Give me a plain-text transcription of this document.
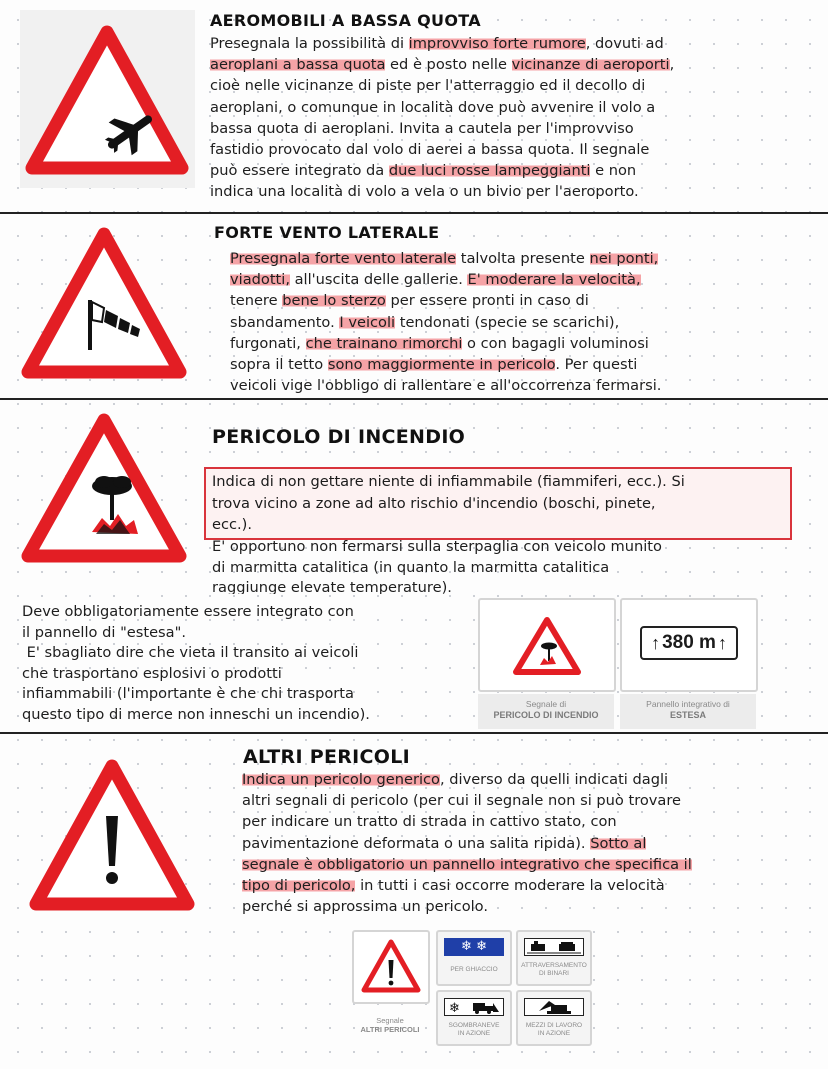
AEROMOBILI A BASSA QUOTA
Presegnala la possibilità di improvviso forte rumore, dovuti ad
aeroplani a bassa quota ed è posto nelle vicinanze di aeroporti,
cioè nelle vicinanze di piste per l'atterraggio ed il decollo di
aeroplani, o comunque in località dove può avvenire il volo a
bassa quota di aeroplani. Invita a cautela per l'improvviso
fastidio provocato dal volo di aerei a bassa quota. Il segnale
può essere integrato da due luci rosse lampeggianti e non
indica una località di volo a vela o un bivio per l'aeroporto.
FORTE VENTO LATERALE
Presegnala forte vento laterale talvolta presente nei ponti,
viadotti, all'uscita delle gallerie. E' moderare la velocità,
tenere bene lo sterzo per essere pronti in caso di
sbandamento. I veicoli tendonati (specie se scarichi),
furgonati, che trainano rimorchi o con bagagli voluminosi
sopra il tetto sono maggiormente in pericolo. Per questi
veicoli vige l'obbligo di rallentare e all'occorrenza fermarsi.
PERICOLO DI INCENDIO
Indica di non gettare niente di infiammabile (fiammiferi, ecc.). Si
trova vicino a zone ad alto rischio d'incendio (boschi, pinete,
ecc.).
E' opportuno non fermarsi sulla sterpaglia con veicolo munito
di marmitta catalitica (in quanto la marmitta catalitica
raggiunge elevate temperature).
Deve obbligatoriamente essere integrato con
il pannello di "estesa".
E' sbagliato dire che vieta il transito ai veicoli
che trasportano esplosivi o prodotti
infiammabili (l'importante è che chi trasporta
questo tipo di merce non inneschi un incendio).
Segnale di
PERICOLO DI INCENDIO
↑ 380 m ↑
Pannello integrativo di
ESTESA
ALTRI PERICOLI
Indica un pericolo generico, diverso da quelli indicati dagli
altri segnali di pericolo (per cui il segnale non si può trovare
per indicare un tratto di strada in cattivo stato, con
pavimentazione deformata o una salita ripida). Sotto al
segnale è obbligatorio un pannello integrativo che specifica il
tipo di pericolo, in tutti i casi occorre moderare la velocità
perché si approssima un pericolo.
Segnale
ALTRI PERICOLI
❄ ❄
PER GHIACCIO
ATTRAVERSAMENTO
DI BINARI
❄
SGOMBRANEVE
IN AZIONE
MEZZI DI LAVORO
IN AZIONE
